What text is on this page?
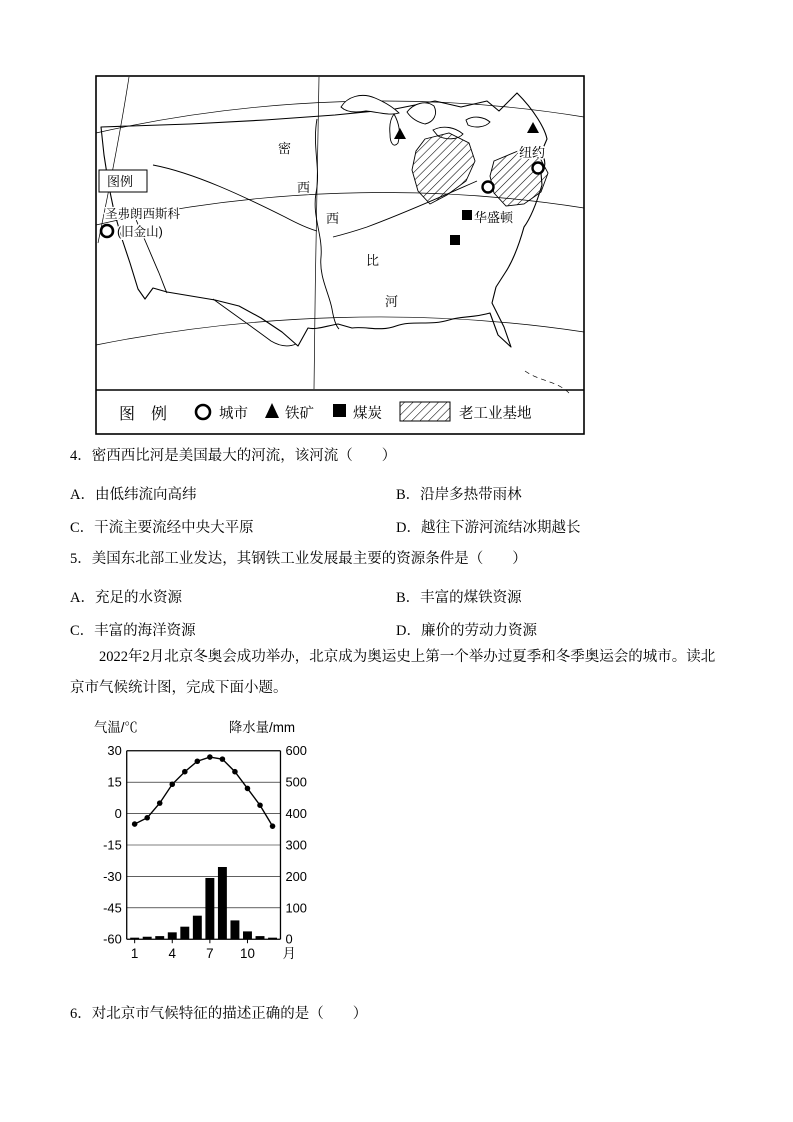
图例
密
西
西
比
河
纽约
华盛顿
圣弗朗西斯科
(旧金山)
图　例	城市	铁矿	煤炭	老工业基地
4．密西西比河是美国最大的河流，该河流（　　）
A．由低纬流向高纬	B．沿岸多热带雨林
C．干流主要流经中央大平原	D．越往下游河流结冰期越长
5．美国东北部工业发达，其钢铁工业发展最主要的资源条件是（　　）
A．充足的水资源	B．丰富的煤铁资源
C．丰富的海洋资源	D．廉价的劳动力资源

2022年2月北京冬奥会成功举办，北京成为奥运史上第一个举办过夏季和冬季奥运会的城市。读北京市气候统计图，完成下面小题。

气温/℃	降水量/mm
30	600
15	500
0	400
-15	300
-30	200
-45	100
-60	0
1 4 7 10 月
6．对北京市气候特征的描述正确的是（　　）
